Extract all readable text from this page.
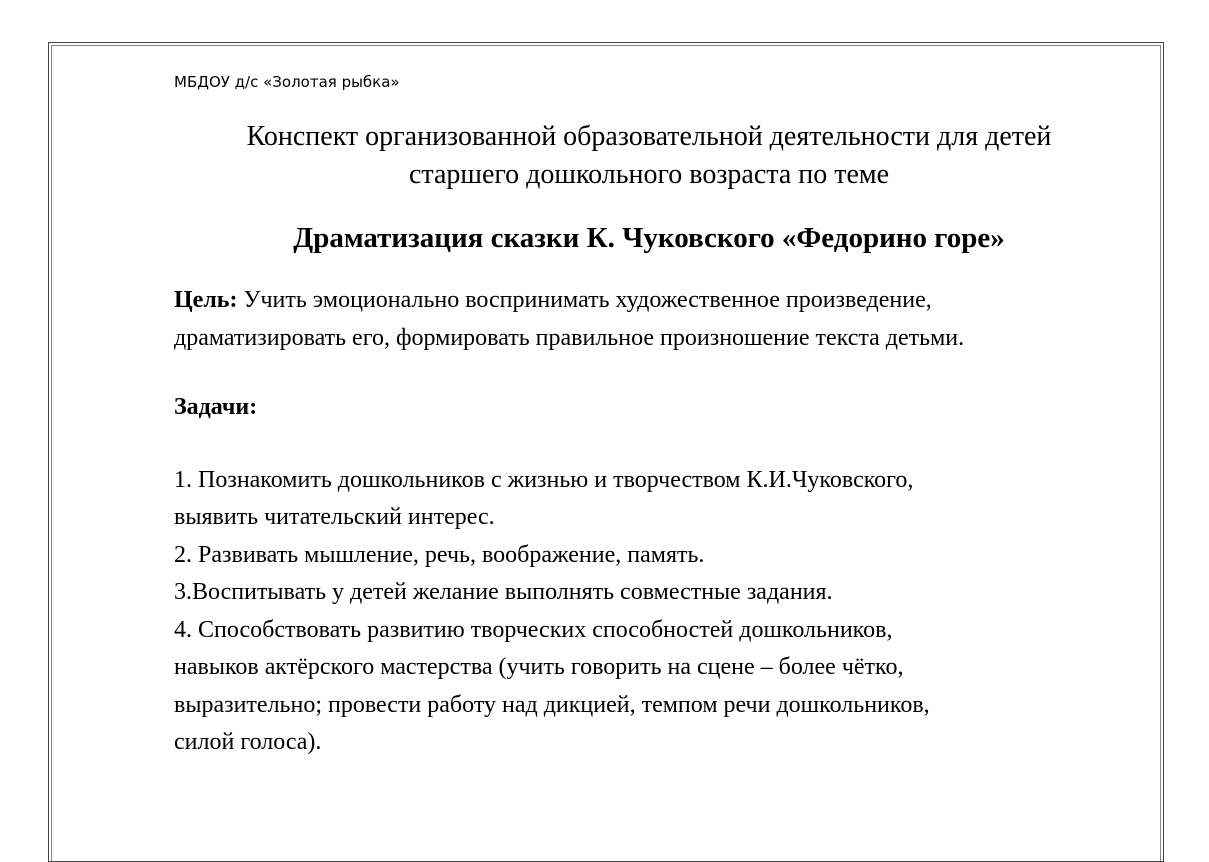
МБДОУ д/с «Золотая рыбка»

Конспект организованной образовательной деятельности для детей
старшего дошкольного возраста по теме
Драматизация сказки К. Чуковского «Федорино горе»
Цель: Учить эмоционально воспринимать художественное произведение,
драматизировать его, формировать правильное произношение текста детьми.
Задачи:
1. Познакомить дошкольников с жизнью и творчеством К.И.Чуковского,
выявить читательский интерес.
2. Развивать мышление, речь, воображение, память.
3.Воспитывать у детей желание выполнять совместные задания.
4. Способствовать развитию творческих способностей дошкольников,
навыков актёрского мастерства (учить говорить на сцене – более чётко,
выразительно; провести работу над дикцией, темпом речи дошкольников,
силой голоса).
